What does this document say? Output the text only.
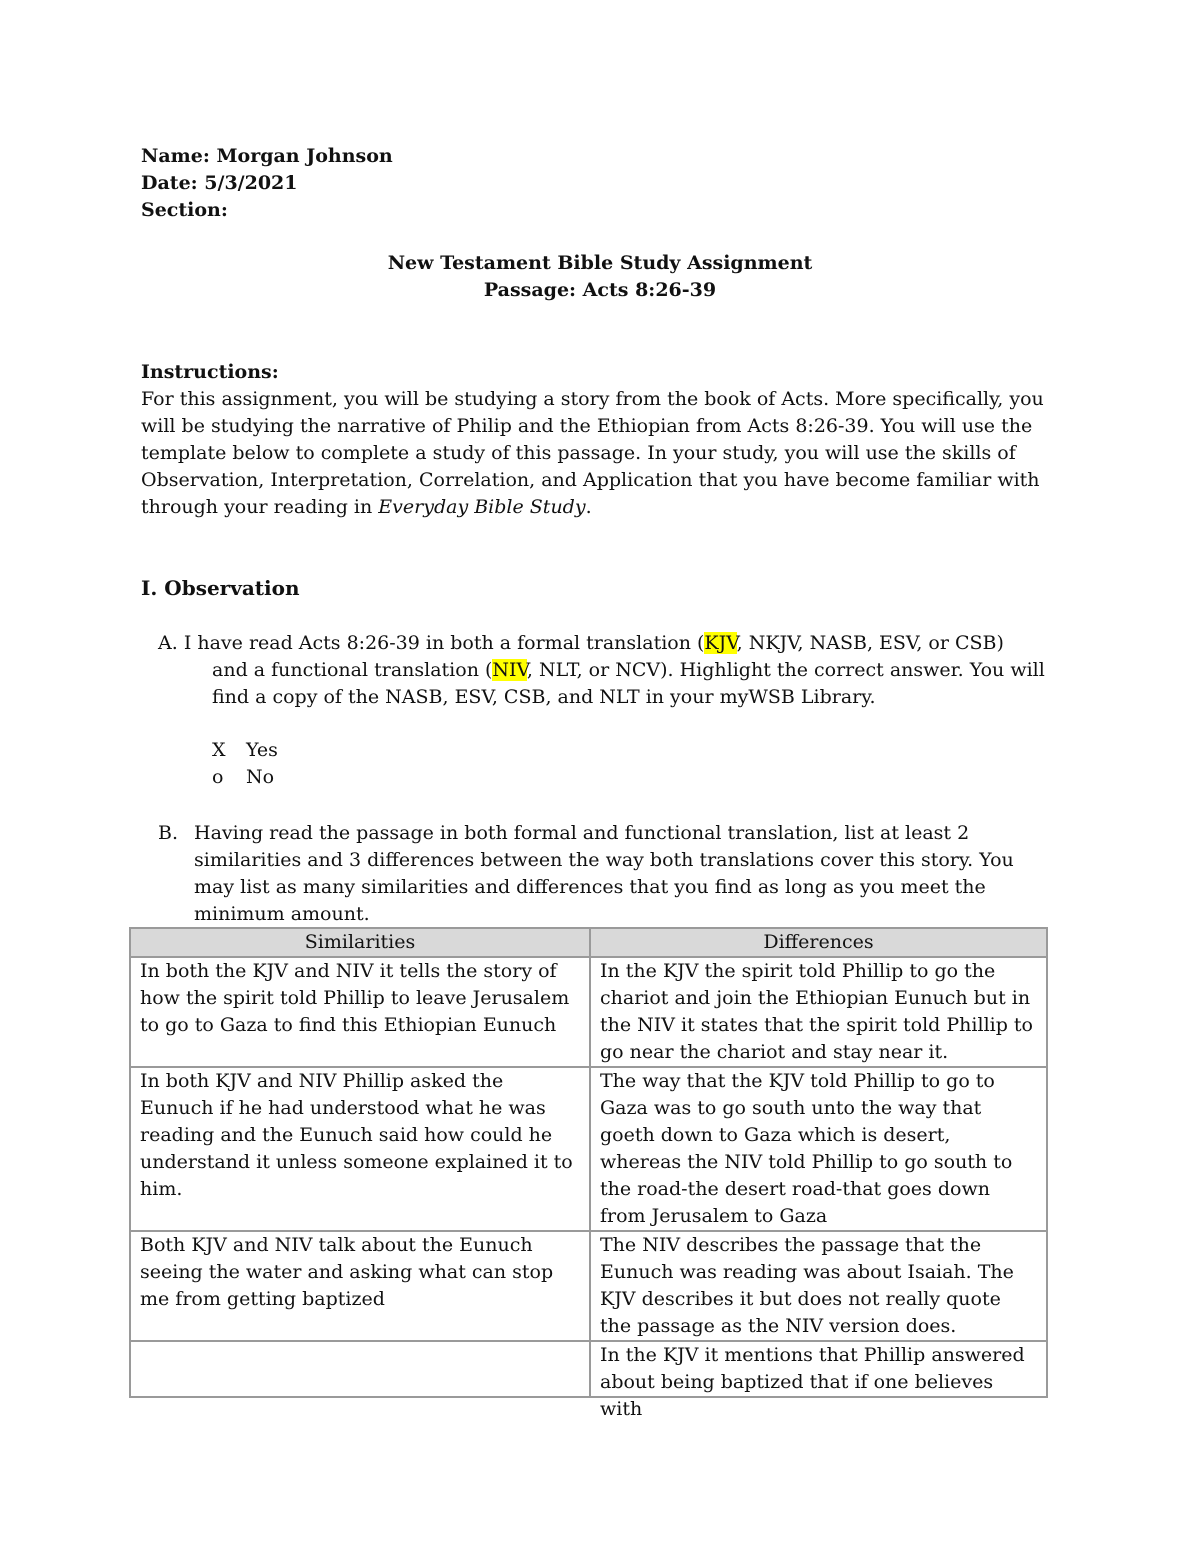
Name: Morgan Johnson
Date: 5/3/2021
Section:
New Testament Bible Study Assignment
Passage: Acts 8:26-39
Instructions:
For this assignment, you will be studying a story from the book of Acts. More specifically, you will be studying the narrative of Philip and the Ethiopian from Acts 8:26-39. You will use the template below to complete a study of this passage. In your study, you will use the skills of Observation, Interpretation, Correlation, and Application that you have become familiar with through your reading in Everyday Bible Study.
I. Observation
A. I have read Acts 8:26-39 in both a formal translation (KJV, NKJV, NASB, ESV, or CSB)
and a functional translation (NIV, NLT, or NCV). Highlight the correct answer. You will
find a copy of the NASB, ESV, CSB, and NLT in your myWSB Library.
X	Yes
o	No
B. Having read the passage in both formal and functional translation, list at least 2 similarities and 3 differences between the way both translations cover this story. You may list as many similarities and differences that you find as long as you meet the minimum amount.
Similarities	Differences

In both the KJV and NIV it tells the story of how the spirit told Phillip to leave Jerusalem to go to Gaza to find this Ethiopian Eunuch	In the KJV the spirit told Phillip to go the chariot and join the Ethiopian Eunuch but in the NIV it states that the spirit told Phillip to go near the chariot and stay near it.

In both KJV and NIV Phillip asked the Eunuch if he had understood what he was reading and the Eunuch said how could he understand it unless someone explained it to him.	The way that the KJV told Phillip to go to Gaza was to go south unto the way that goeth down to Gaza which is desert, whereas the NIV told Phillip to go south to the road-the desert road-that goes down from Jerusalem to Gaza

Both KJV and NIV talk about the Eunuch seeing the water and asking what can stop me from getting baptized	The NIV describes the passage that the Eunuch was reading was about Isaiah. The KJV describes it but does not really quote the passage as the NIV version does.

	In the KJV it mentions that Phillip answered about being baptized that if one believes with
